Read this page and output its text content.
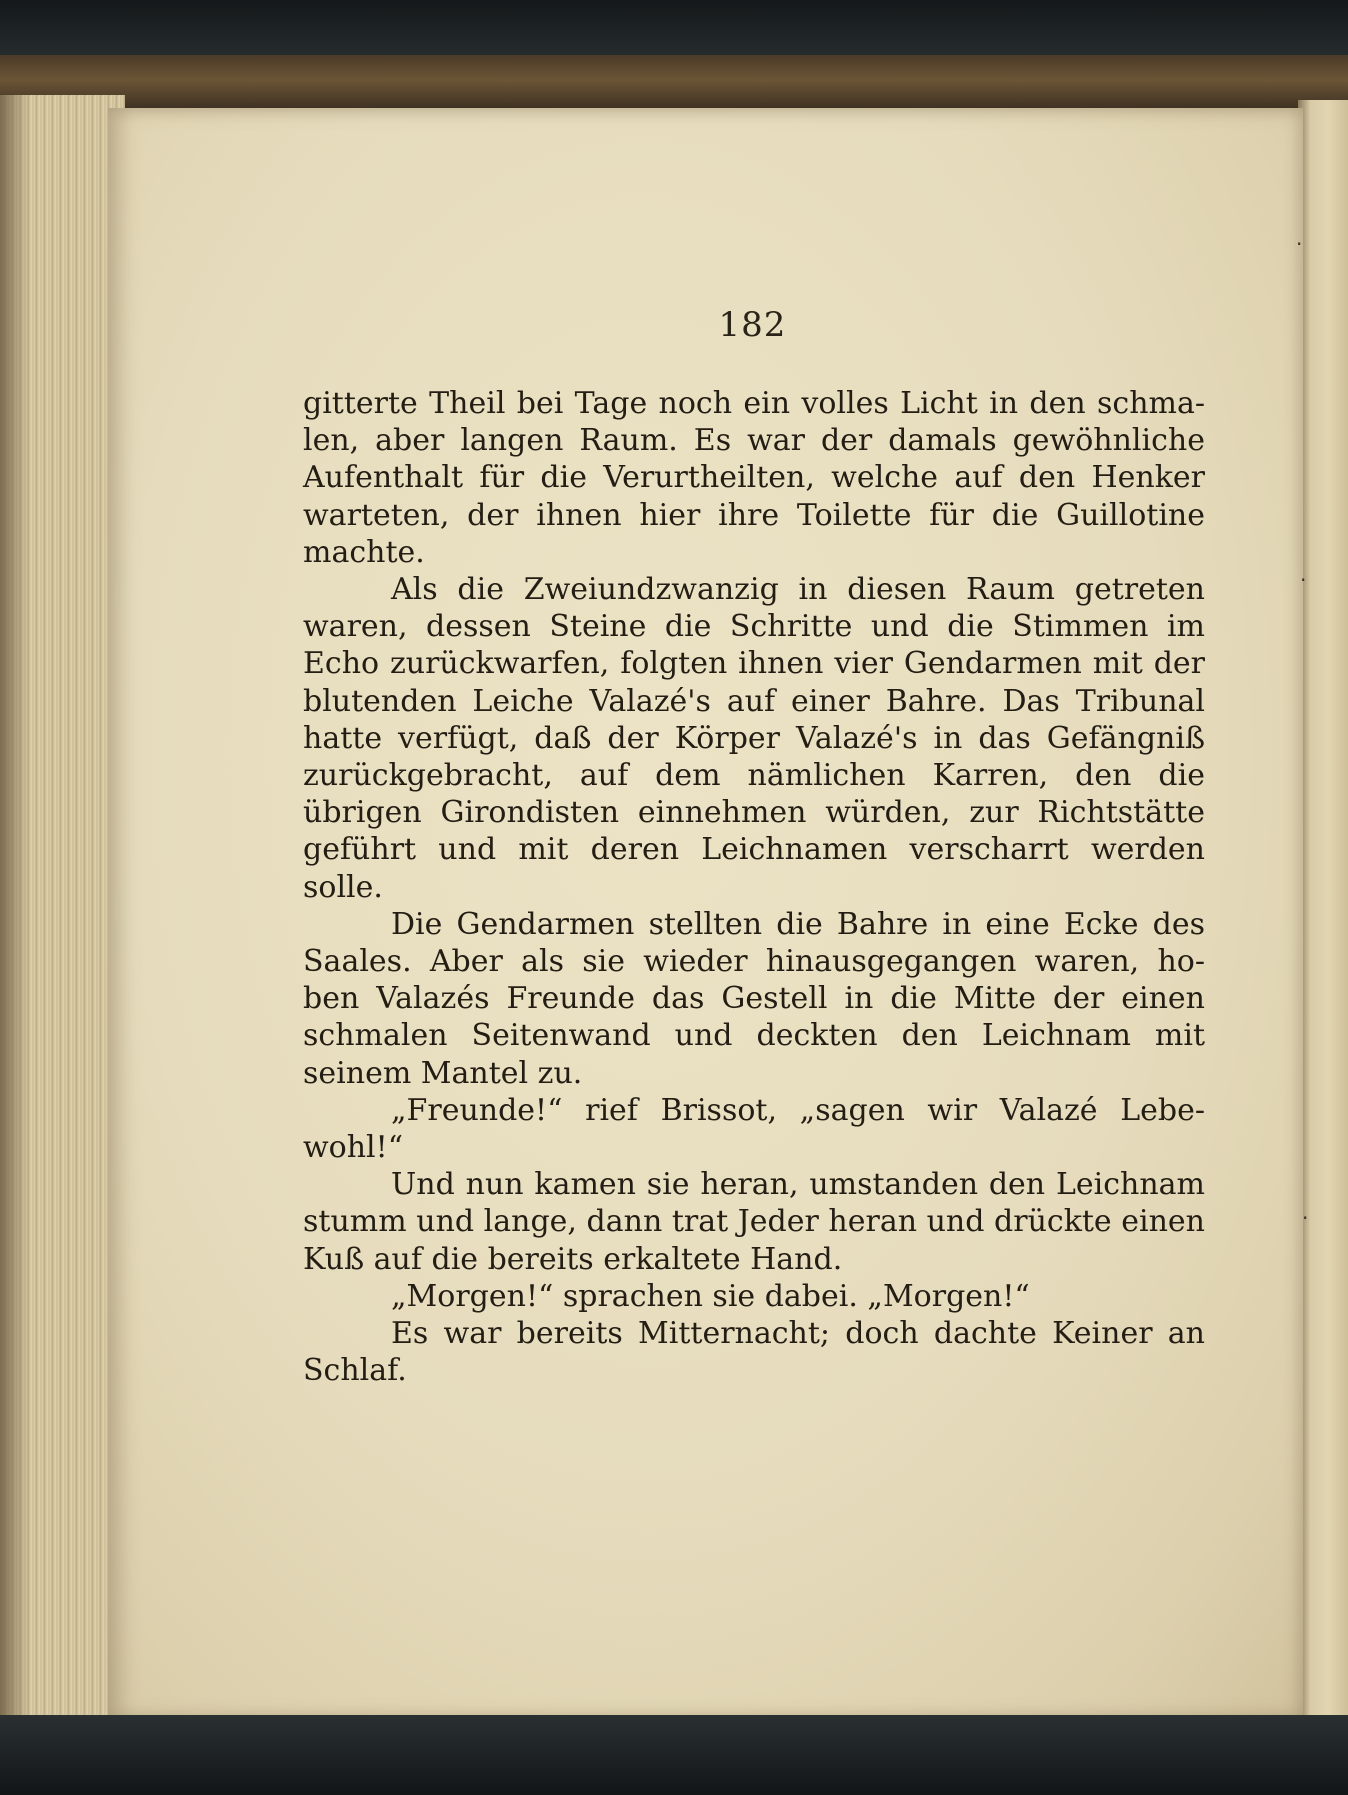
·
·
·
182

gitterte Theil bei Tage noch ein volles Licht in den schma- len, aber langen Raum. Es war der damals gewöhnliche Aufenthalt für die Verurtheilten, welche auf den Henker warteten, der ihnen hier ihre Toilette für die Guillotine machte.

Als die Zweiundzwanzig in diesen Raum getreten waren, dessen Steine die Schritte und die Stimmen im Echo zurückwarfen, folgten ihnen vier Gendarmen mit der blutenden Leiche Valazé's auf einer Bahre. Das Tribunal hatte verfügt, daß der Körper Valazé's in das Gefängniß zurückgebracht, auf dem nämlichen Karren, den die übrigen Girondisten einnehmen würden, zur Richtstätte geführt und mit deren Leichnamen verscharrt werden solle.

Die Gendarmen stellten die Bahre in eine Ecke des Saales. Aber als sie wieder hinausgegangen waren, ho- ben Valazés Freunde das Gestell in die Mitte der einen schmalen Seitenwand und deckten den Leichnam mit seinem Mantel zu.

„Freunde!“ rief Brissot, „sagen wir Valazé Lebe- wohl!“

Und nun kamen sie heran, umstanden den Leichnam stumm und lange, dann trat Jeder heran und drückte einen Kuß auf die bereits erkaltete Hand.

„Morgen!“ sprachen sie dabei. „Morgen!“

Es war bereits Mitternacht; doch dachte Keiner an Schlaf.
